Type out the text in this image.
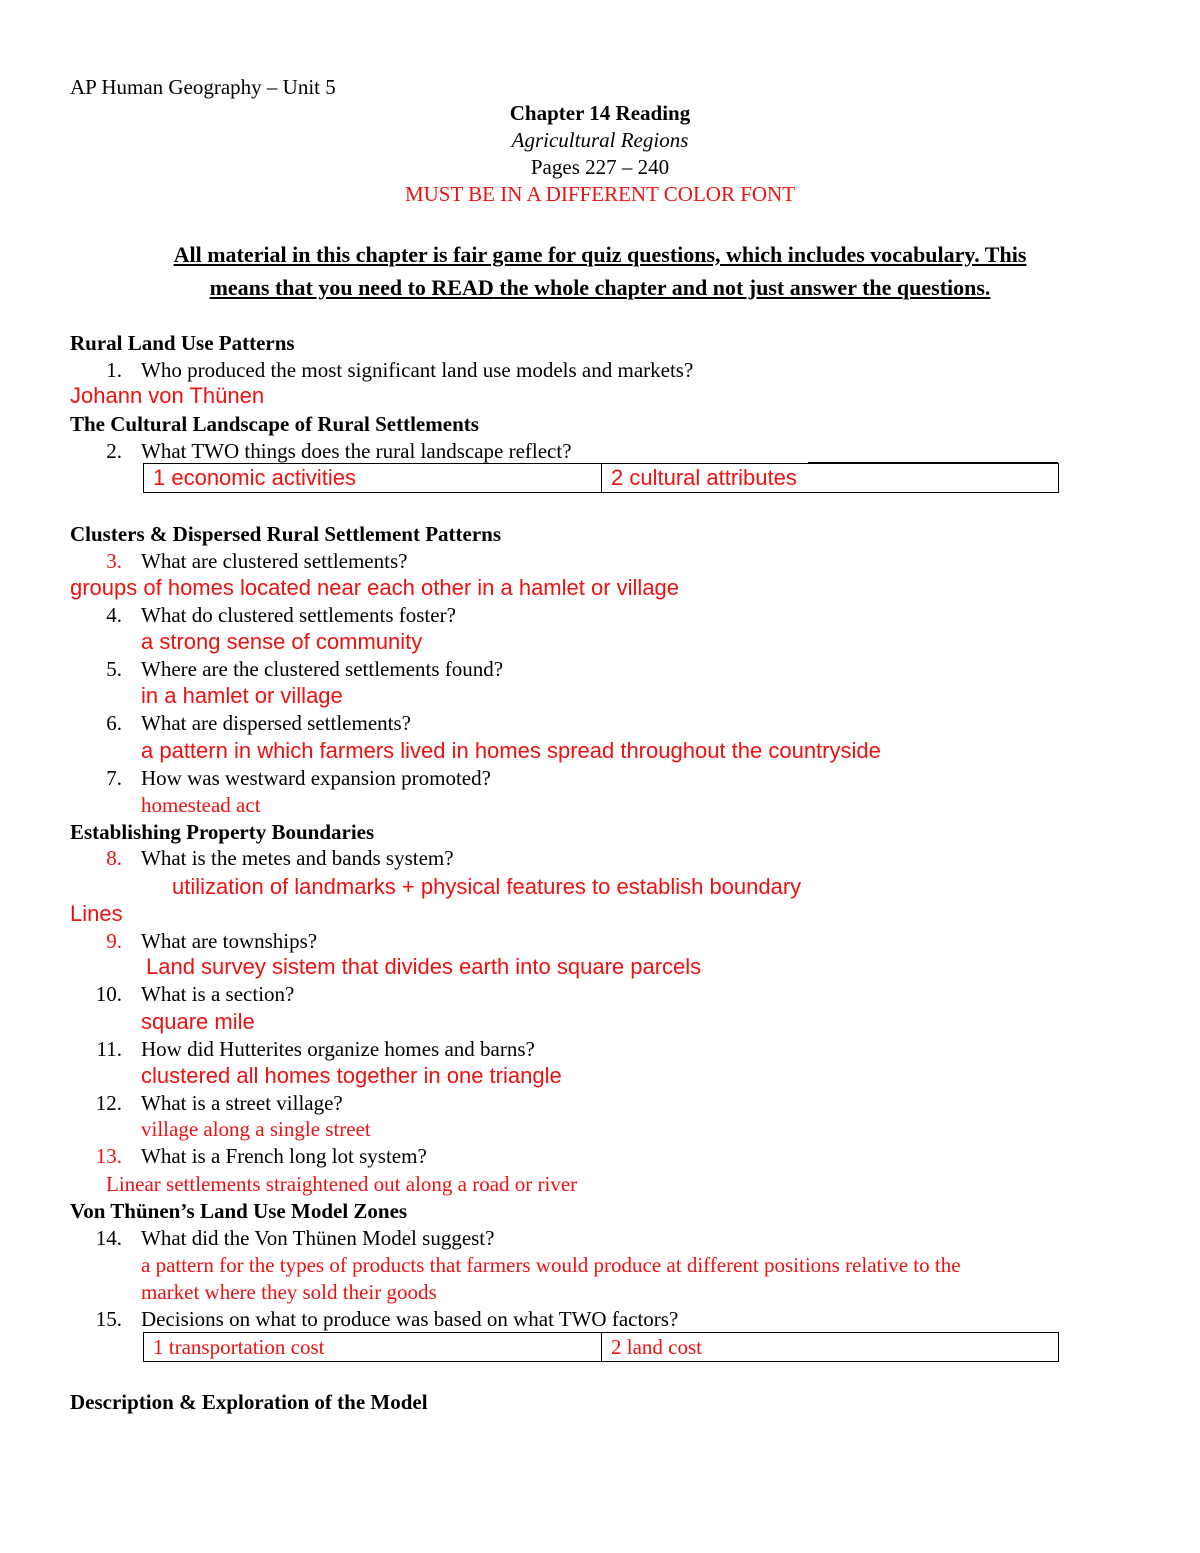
AP Human Geography – Unit 5
Chapter 14 Reading
Agricultural Regions
Pages 227 – 240
MUST BE IN A DIFFERENT COLOR FONT
All material in this chapter is fair game for quiz questions, which includes vocabulary. This
means that you need to READ the whole chapter and not just answer the questions.
Rural Land Use Patterns
1. Who produced the most significant land use models and markets?
Johann von Thünen
The Cultural Landscape of Rural Settlements
2. What TWO things does the rural landscape reflect?
1 economic activities	2 cultural attributes
Clusters & Dispersed Rural Settlement Patterns
3. What are clustered settlements?
groups of homes located near each other in a hamlet or village
4. What do clustered settlements foster?
a strong sense of community
5. Where are the clustered settlements found?
in a hamlet or village
6. What are dispersed settlements?
a pattern in which farmers lived in homes spread throughout the countryside
7. How was westward expansion promoted?
homestead act
Establishing Property Boundaries
8. What is the metes and bands system?
utilization of landmarks + physical features to establish boundary
Lines
9. What are townships?
Land survey sistem that divides earth into square parcels
10. What is a section?
square mile
11. How did Hutterites organize homes and barns?
clustered all homes together in one triangle
12. What is a street village?
village along a single street
13. What is a French long lot system?
Linear settlements straightened out along a road or river
Von Thünen’s Land Use Model Zones
14. What did the Von Thünen Model suggest?
a pattern for the types of products that farmers would produce at different positions relative to the
market where they sold their goods
15. Decisions on what to produce was based on what TWO factors?
1 transportation cost	2 land cost
Description & Exploration of the Model
